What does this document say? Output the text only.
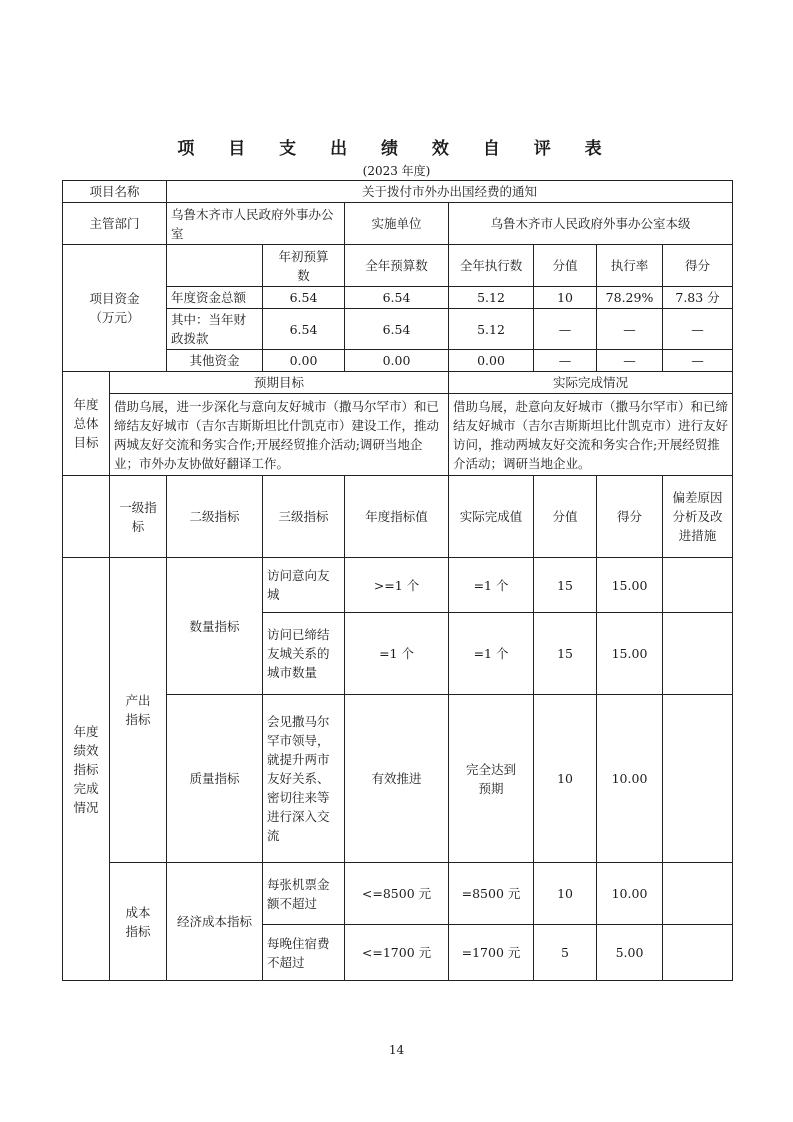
项 目 支 出 绩 效 自 评 表
(2023 年度)
项目名称		关于拨付市外办出国经费的通知						
主管部门		乌鲁木齐市人民政府外事办公室		实施单位	乌鲁木齐市人民政府外事办公室本级			
项目资金（万元）			年初预算数	全年预算数	全年执行数	分值	执行率	得分
		年度资金总额	6.54	6.54	5.12	10	78.29%	7.83 分
		其中：当年财政拨款	6.54	6.54	5.12	—	—	—
		其他资金	0.00	0.00	0.00	—	—	—
年度总体目标	预期目标				实际完成情况			
	借助乌展，进一步深化与意向友好城市（撒马尔罕市）和已缔结友好城市（吉尔吉斯斯坦比什凯克市）建设工作，推动两城友好交流和务实合作;开展经贸推介活动;调研当地企业；市外办友协做好翻译工作。				借助乌展，赴意向友好城市（撒马尔罕市）和已缔结友好城市（吉尔吉斯斯坦比什凯克市）进行友好访问，推动两城友好交流和务实合作;开展经贸推介活动；调研当地企业。			
	一级指标	二级指标	三级指标	年度指标值	实际完成值	分值	得分	偏差原因分析及改进措施
年度绩效指标完成情况	产出指标	数量指标	访问意向友城	>=1 个	=1 个	15	15.00	
			访问已缔结友城关系的城市数量	=1 个	=1 个	15	15.00	
		质量指标	会见撒马尔罕市领导，就提升两市友好关系、密切往来等进行深入交流	有效推进	完全达到预期	10	10.00	
	成本指标	经济成本指标	每张机票金额不超过	<=8500 元	=8500 元	10	10.00	
			每晚住宿费不超过	<=1700 元	=1700 元	5	5.00	
14
